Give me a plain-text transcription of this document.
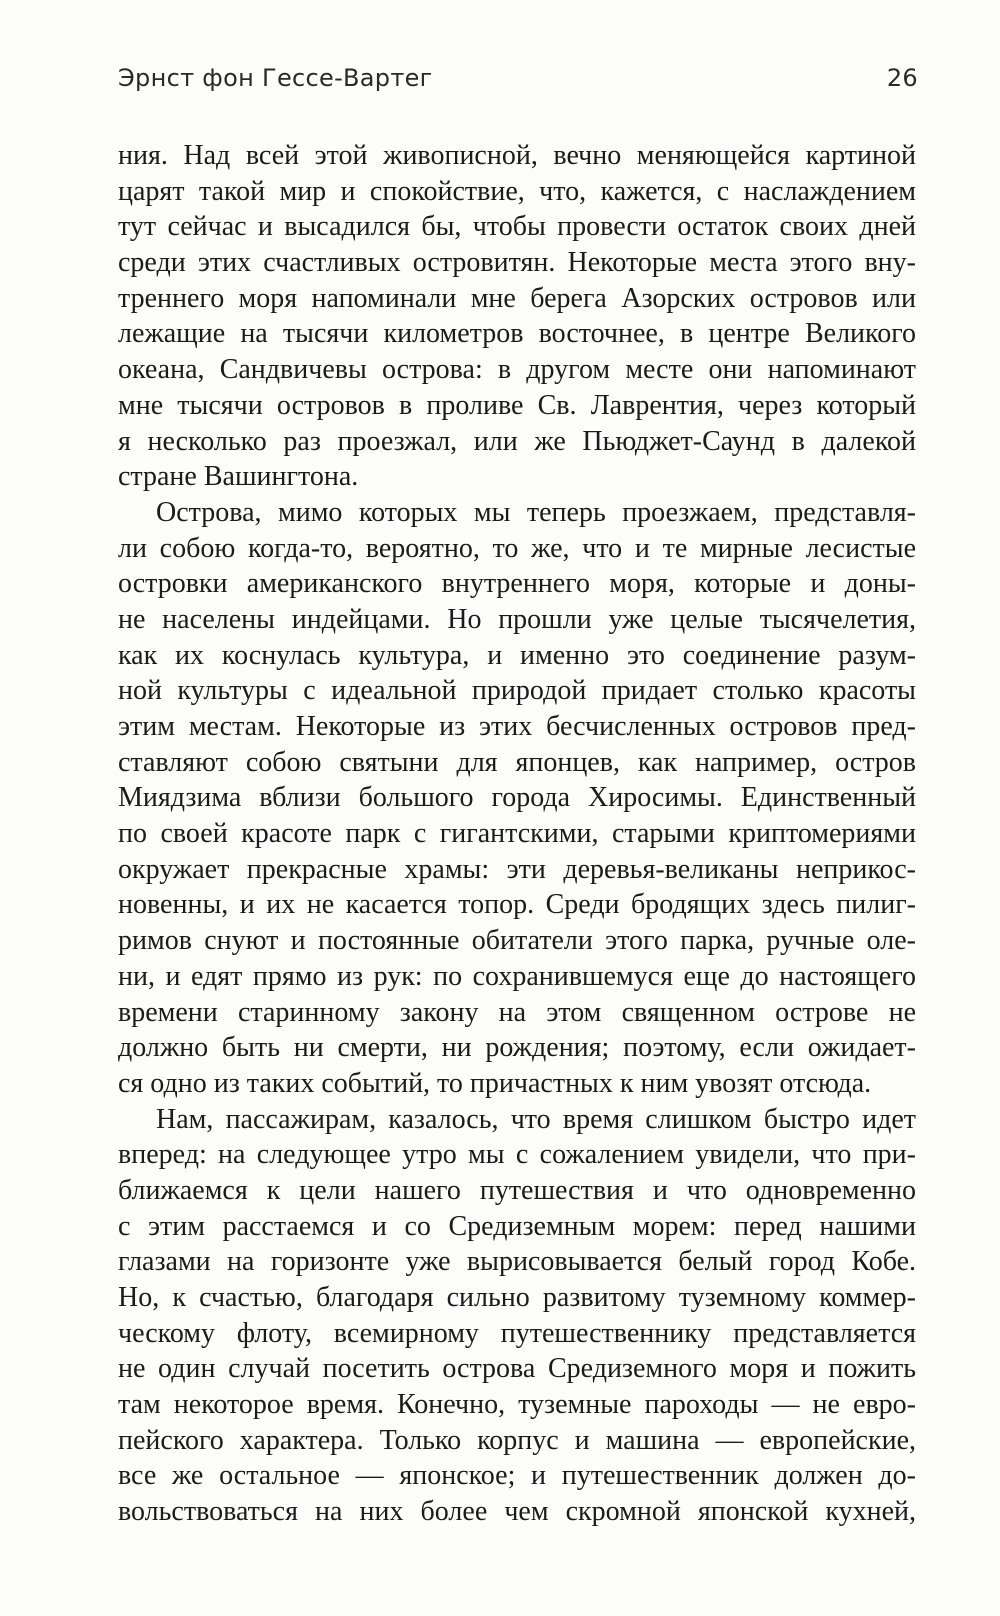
Эрнст фон Гессе-Вартег	26
ния. Над всей этой живописной, вечно меняющейся картиной
царят такой мир и спокойствие, что, кажется, с наслаждением
тут сейчас и высадился бы, чтобы провести остаток своих дней
среди этих счастливых островитян. Некоторые места этого вну-
треннего моря напоминали мне берега Азорских островов или
лежащие на тысячи километров восточнее, в центре Великого
океана, Сандвичевы острова: в другом месте они напоминают
мне тысячи островов в проливе Св. Лаврентия, через который
я несколько раз проезжал, или же Пьюджет-Саунд в далекой
стране Вашингтона.
Острова, мимо которых мы теперь проезжаем, представля-
ли собою когда-то, вероятно, то же, что и те мирные лесистые
островки американского внутреннего моря, которые и доны-
не населены индейцами. Но прошли уже целые тысячелетия,
как их коснулась культура, и именно это соединение разум-
ной культуры с идеальной природой придает столько красоты
этим местам. Некоторые из этих бесчисленных островов пред-
ставляют собою святыни для японцев, как например, остров
Миядзима вблизи большого города Хиросимы. Единственный
по своей красоте парк с гигантскими, старыми криптомериями
окружает прекрасные храмы: эти деревья-великаны неприкос-
новенны, и их не касается топор. Среди бродящих здесь пилиг-
римов снуют и постоянные обитатели этого парка, ручные оле-
ни, и едят прямо из рук: по сохранившемуся еще до настоящего
времени старинному закону на этом священном острове не
должно быть ни смерти, ни рождения; поэтому, если ожидает-
ся одно из таких событий, то причастных к ним увозят отсюда.
Нам, пассажирам, казалось, что время слишком быстро идет
вперед: на следующее утро мы с сожалением увидели, что при-
ближаемся к цели нашего путешествия и что одновременно
с этим расстаемся и со Средиземным морем: перед нашими
глазами на горизонте уже вырисовывается белый город Кобе.
Но, к счастью, благодаря сильно развитому туземному коммер-
ческому флоту, всемирному путешественнику представляется
не один случай посетить острова Средиземного моря и пожить
там некоторое время. Конечно, туземные пароходы — не евро-
пейского характера. Только корпус и машина — европейские,
все же остальное — японское; и путешественник должен до-
вольствоваться на них более чем скромной японской кухней,
